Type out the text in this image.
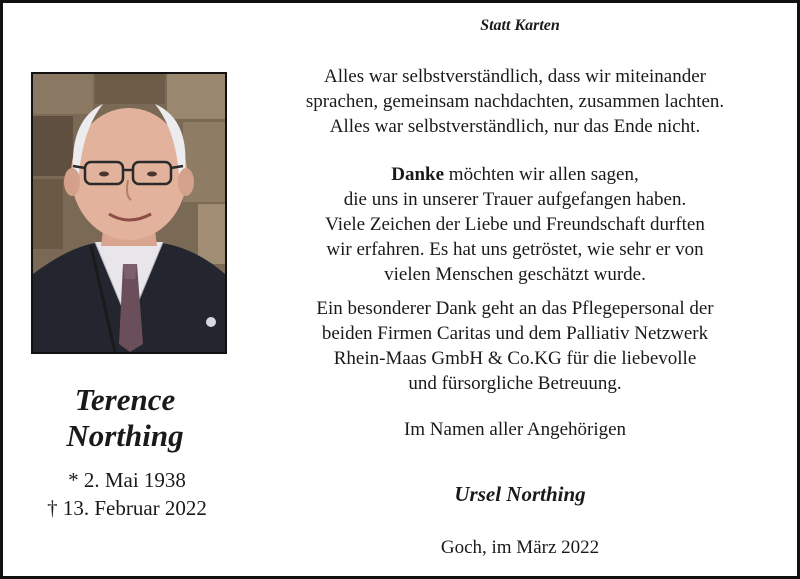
Statt Karten
Terence
Northing
* 2. Mai 1938
† 13. Februar 2022

Alles war selbstverständlich, dass wir miteinander

sprachen, gemeinsam nachdachten, zusammen lachten.

Alles war selbstverständlich, nur das Ende nicht.

Danke möchten wir allen sagen,

die uns in unserer Trauer aufgefangen haben.

Viele Zeichen der Liebe und Freundschaft durften

wir erfahren. Es hat uns getröstet, wie sehr er von

vielen Menschen geschätzt wurde.

Ein besonderer Dank geht an das Pflegepersonal der

beiden Firmen Caritas und dem Palliativ Netzwerk

Rhein-Maas GmbH & Co.KG für die liebevolle

und fürsorgliche Betreuung.

Im Namen aller Angehörigen

Ursel Northing
Goch, im März 2022
